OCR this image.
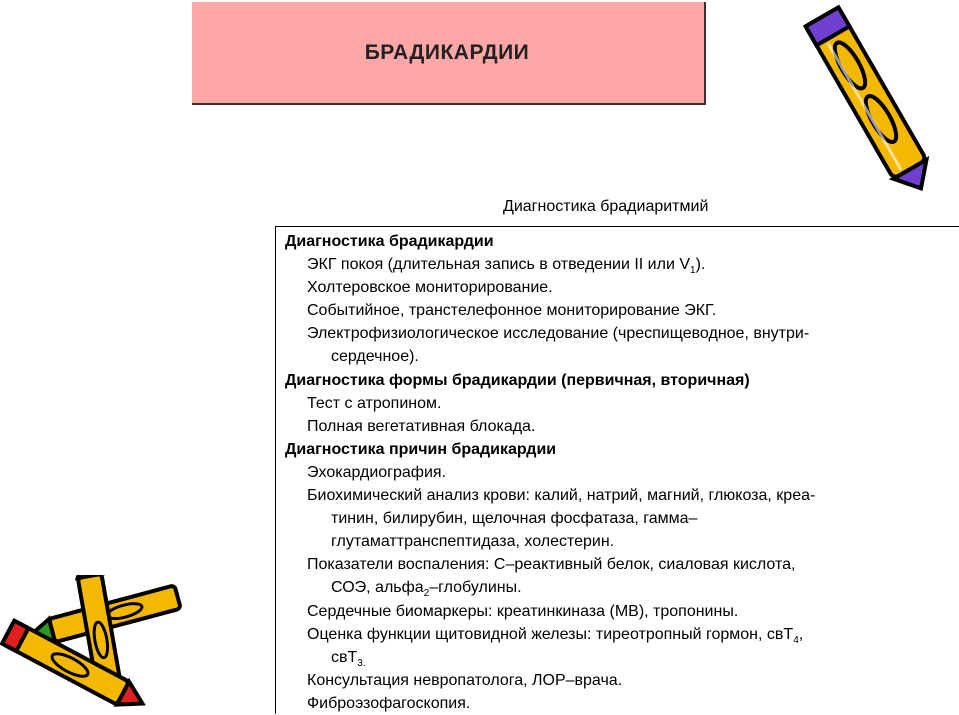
БРАДИКАРДИИ
Диагностика брадиаритмий
Диагностика брадикардии
ЭКГ покоя (длительная запись в отведении II или $V_1$).
Холтеровское мониторирование.
Событийное, транстелефонное мониторирование ЭКГ.
Электрофизиологическое исследование (чреспищеводное, внутри-
сердечное).
Диагностика формы брадикардии (первичная, вторичная)
Тест с атропином.
Полная вегетативная блокада.
Диагностика причин брадикардии
Эхокардиография.
Биохимический анализ крови: калий, натрий, магний, глюкоза, креа-
тинин, билирубин, щелочная фосфатаза, гамма–
глутаматтранспептидаза, холестерин.
Показатели воспаления: С–реактивный белок, сиаловая кислота,
СОЭ, альфа$_2$–глобулины.
Сердечные биомаркеры: креатинкиназа (МВ), тропонины.
Оценка функции щитовидной железы: тиреотропный гормон, свТ$_4$,
свТ$_{3.}$
Консультация невропатолога, ЛОР–врача.
Фиброэзофагоскопия.
